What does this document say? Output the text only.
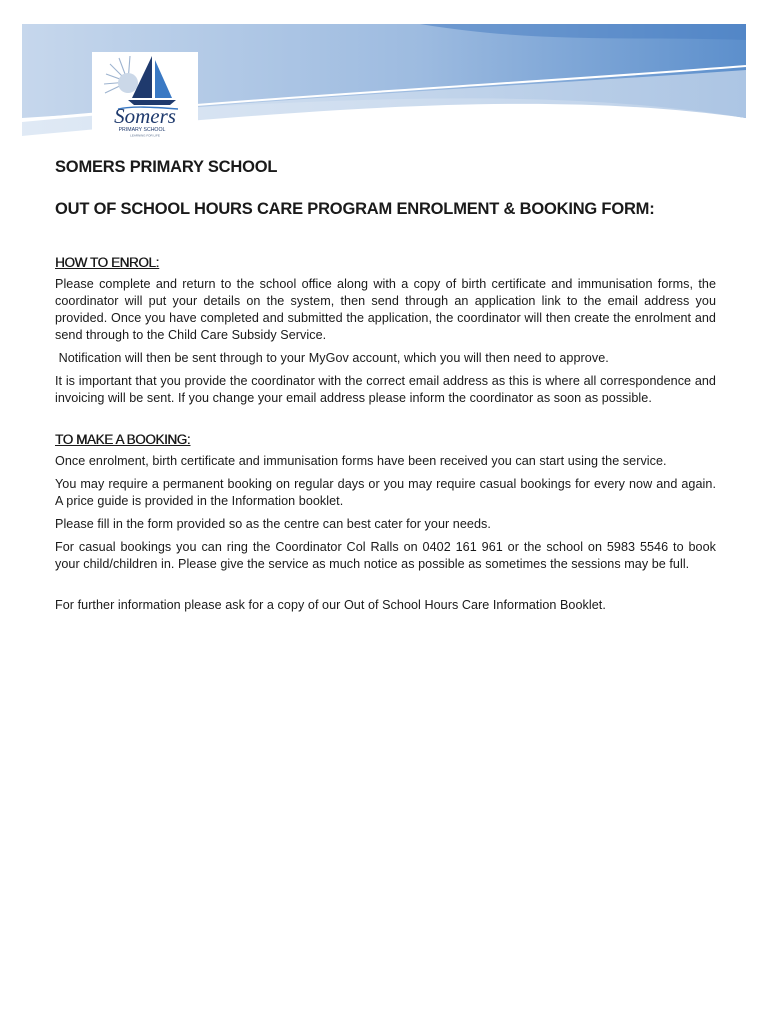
Somers
PRIMARY SCHOOL
LEARNING FOR LIFE
SOMERS PRIMARY SCHOOL
OUT OF SCHOOL HOURS CARE PROGRAM ENROLMENT & BOOKING FORM:
HOW TO ENROL:

Please complete and return to the school office along with a copy of birth certificate and immunisation forms, the coordinator will put your details on the system, then send through an application link to the email address you provided. Once you have completed and submitted the application, the coordinator will then create the enrolment and send through to the Child Care Subsidy Service.

Notification will then be sent through to your MyGov account, which you will then need to approve.

It is important that you provide the coordinator with the correct email address as this is where all correspondence and invoicing will be sent. If you change your email address please inform the coordinator as soon as possible.

TO MAKE A BOOKING:

Once enrolment, birth certificate and immunisation forms have been received you can start using the service.

You may require a permanent booking on regular days or you may require casual bookings for every now and again. A price guide is provided in the Information booklet.

Please fill in the form provided so as the centre can best cater for your needs.

For casual bookings you can ring the Coordinator Col Ralls on 0402 161 961 or the school on 5983 5546 to book your child/children in. Please give the service as much notice as possible as sometimes the sessions may be full.

For further information please ask for a copy of our Out of School Hours Care Information Booklet.
